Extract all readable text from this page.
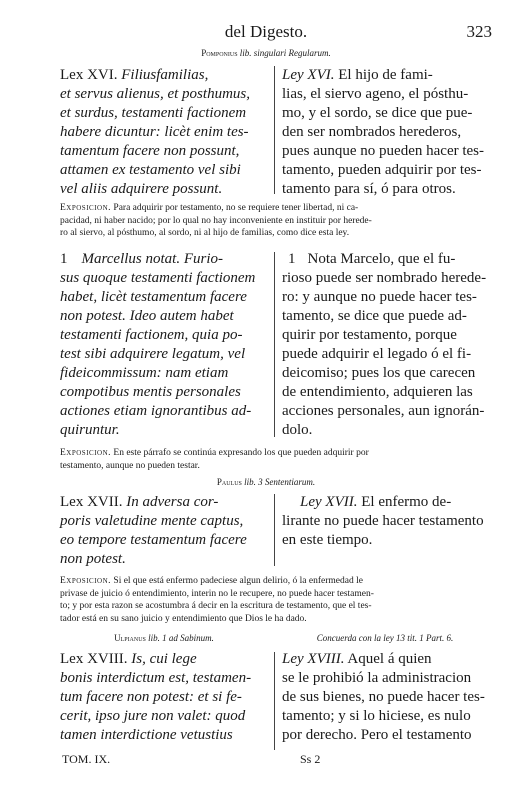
del Digesto.	323
Pomponius lib. singulari Regularum.
Lex XVI. Filiusfamilias,
et servus alienus, et posthumus,
et surdus, testamenti factionem
habere dicuntur: licèt enim tes-
tamentum facere non possunt,
attamen ex testamento vel sibi
vel aliis adquirere possunt.
Ley XVI. El hijo de fami-
lias, el siervo ageno, el pósthu-
mo, y el sordo, se dice que pue-
den ser nombrados herederos,
pues aunque no pueden hacer tes-
tamento, pueden adquirir por tes-
tamento para sí, ó para otros.
Exposicion. Para adquirir por testamento, no se requiere tener libertad, ni ca-
pacidad, ni haber nacido; por lo qual no hay inconveniente en instituir por herede-
ro al siervo, al pósthumo, al sordo, ni al hijo de familias, como dice esta ley.
1 Marcellus notat. Furio-
sus quoque testamenti factionem
habet, licèt testamentum facere
non potest. Ideo autem habet
testamenti factionem, quia po-
test sibi adquirere legatum, vel
fideicommissum: nam etiam
compotibus mentis personales
actiones etiam ignorantibus ad-
quiruntur.
1 Nota Marcelo, que el fu-
rioso puede ser nombrado herede-
ro: y aunque no puede hacer tes-
tamento, se dice que puede ad-
quirir por testamento, porque
puede adquirir el legado ó el fi-
deicomiso; pues los que carecen
de entendimiento, adquieren las
acciones personales, aun ignorán-
dolo.
Exposicion. En este párrafo se continúa expresando los que pueden adquirir por
testamento, aunque no pueden testar.
Paulus lib. 3 Sententiarum.
Lex XVII. In adversa cor-
poris valetudine mente captus,
eo tempore testamentum facere
non potest.
Ley XVII. El enfermo de-
lirante no puede hacer testamento
en este tiempo.
Exposicion. Si el que está enfermo padeciese algun delirio, ó la enfermedad le
privase de juicio ó entendimiento, interin no le recupere, no puede hacer testamen-
to; y por esta razon se acostumbra á decir en la escritura de testamento, que el tes-
tador está en su sano juicio y entendimiento que Dios le ha dado.
Ulpianus lib. 1 ad Sabinum.	Concuerda con la ley 13 tit. 1 Part. 6.
Lex XVIII. Is, cui lege
bonis interdictum est, testamen-
tum facere non potest: et si fe-
cerit, ipso jure non valet: quod
tamen interdictione vetustius
Ley XVIII. Aquel á quien
se le prohibió la administracion
de sus bienes, no puede hacer tes-
tamento; y si lo hiciese, es nulo
por derecho. Pero el testamento
TOM. IX.	Ss 2
